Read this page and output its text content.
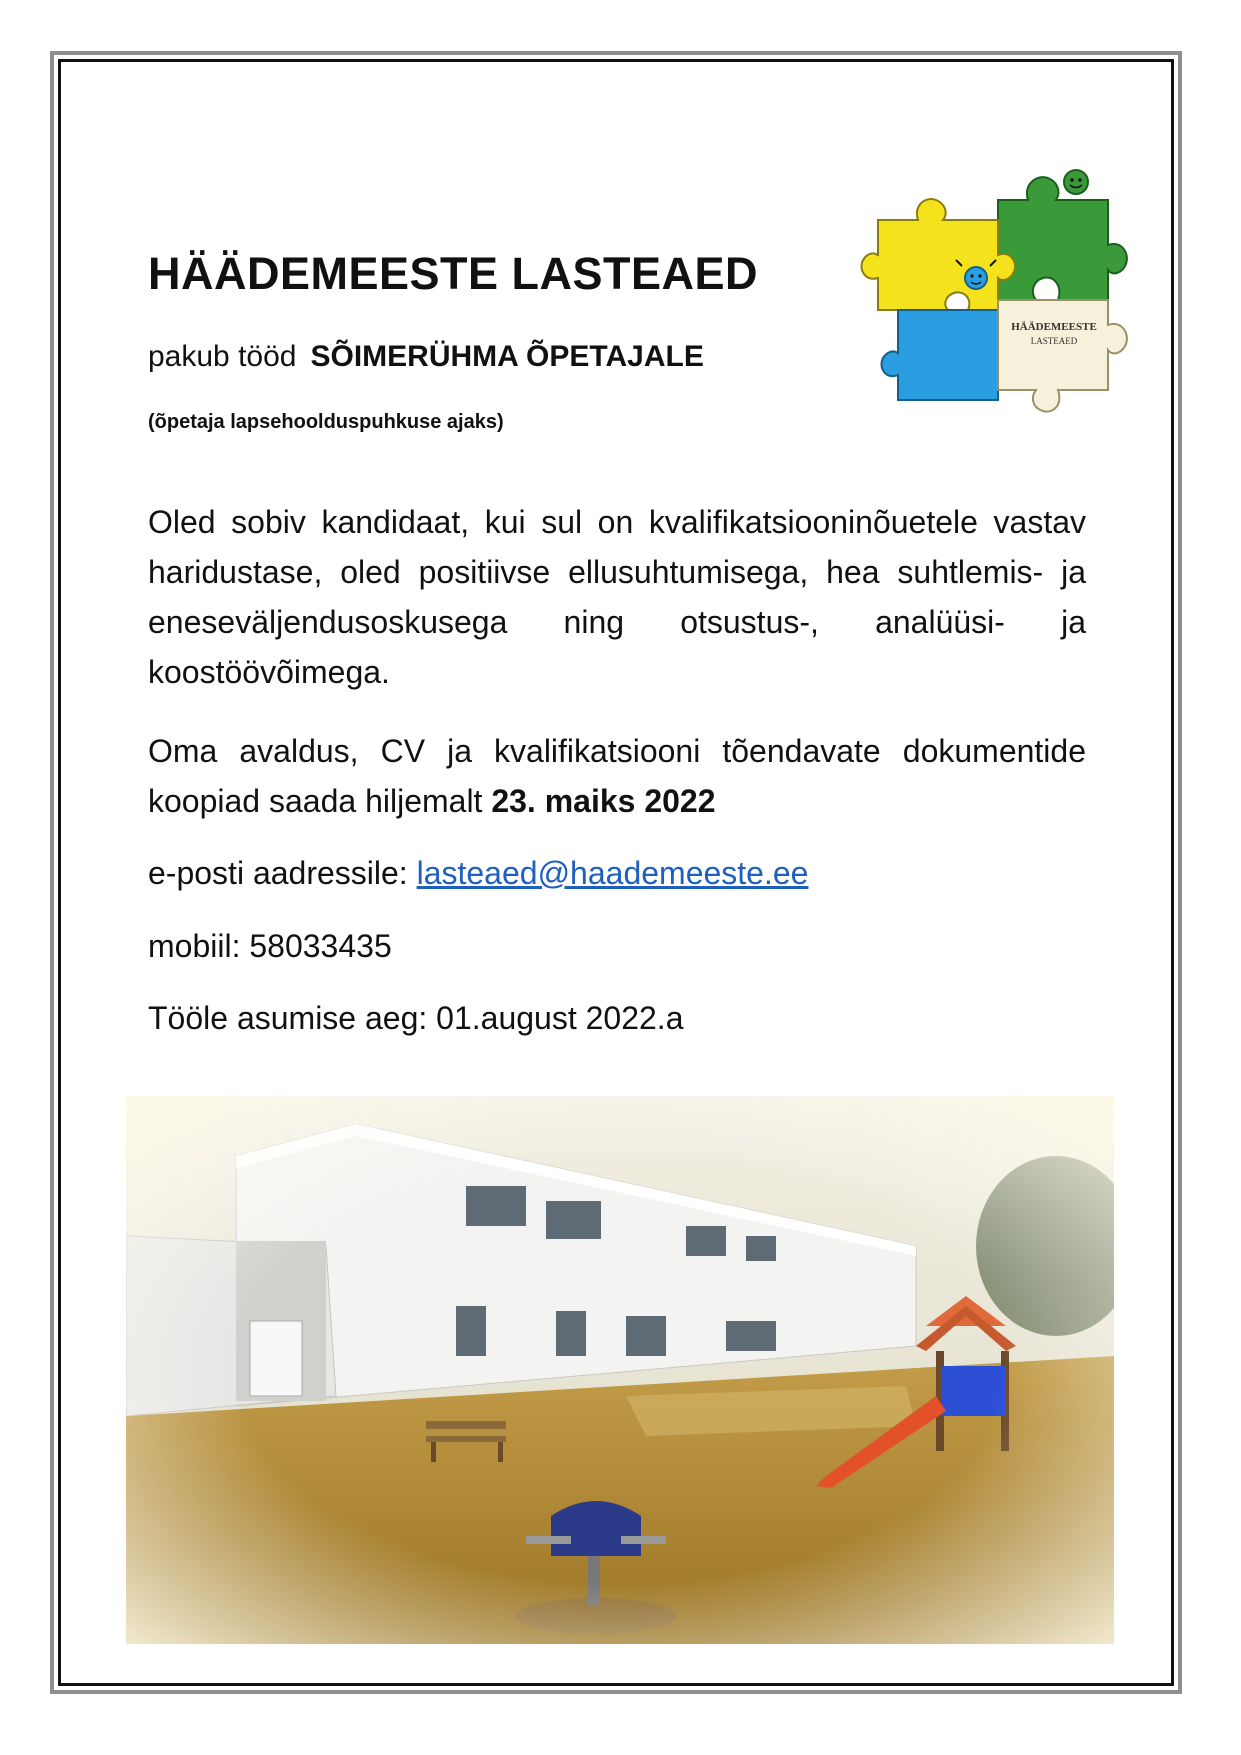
HÄÄDEMEESTE LASTEAED
pakub tööd SÕIMERÜHMA ÕPETAJALE
(õpetaja lapsehoolduspuhkuse ajaks)
HÄÄDEMEESTE
LASTEAED

Oled sobiv kandidaat, kui sul on kvalifikatsiooninõuetele vastav haridustase, oled positiivse ellusuhtumisega, hea suhtlemis- ja eneseväljendusoskusega ning otsustus-, analüüsi- ja koostöövõimega.

Oma avaldus, CV ja kvalifikatsiooni tõendavate dokumentide koopiad saada hiljemalt 23. maiks 2022

e-posti aadressile: lasteaed@haademeeste.ee
mobiil: 58033435
Tööle asumise aeg: 01.august 2022.a
